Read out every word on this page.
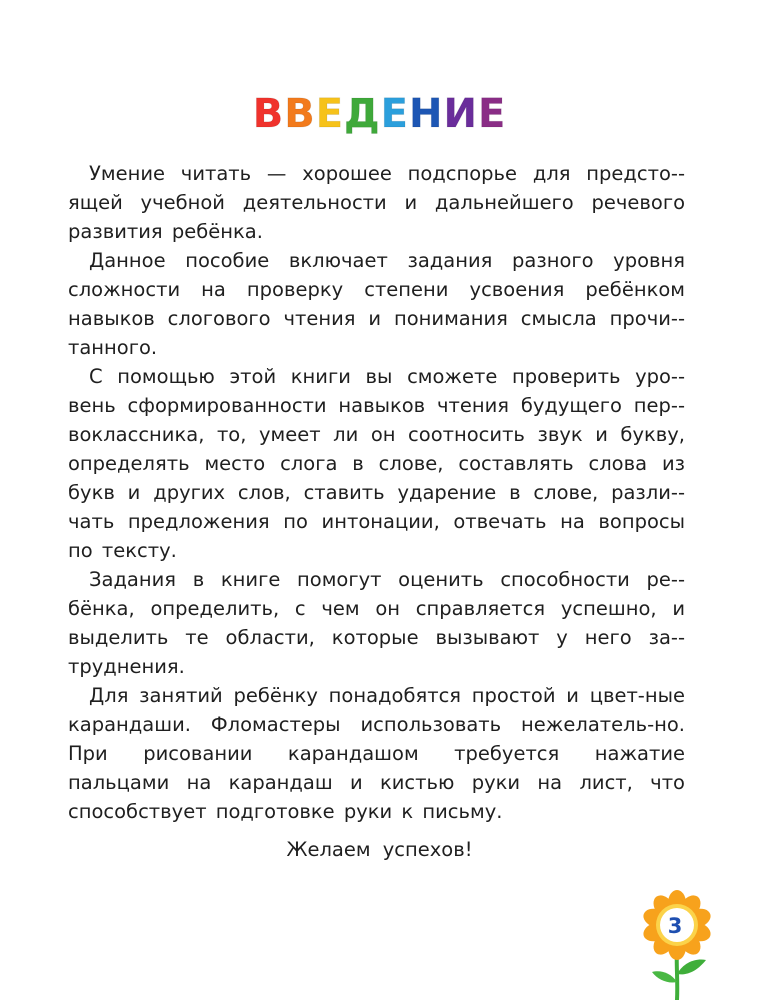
ВВЕДЕНИЕ

Умение читать — хорошее подспорье для предсто-ящей учебной деятельности и дальнейшего речевого развития ребёнка.

Данное пособие включает задания разного уровня сложности на проверку степени усвоения ребёнком навыков слогового чтения и понимания смысла прочи-танного.

С помощью этой книги вы сможете проверить уро-вень сформированности навыков чтения будущего пер-воклассника, то, умеет ли он соотносить звук и букву, определять место слога в слове, составлять слова из букв и других слов, ставить ударение в слове, разли-чать предложения по интонации, отвечать на вопросы по тексту.

Задания в книге помогут оценить способности ре-бёнка, определить, с чем он справляется успешно, и выделить те области, которые вызывают у него за-труднения.

Для занятий ребёнку понадобятся простой и цвет-ные карандаши. Фломастеры использовать нежелатель-но. При рисовании карандашом требуется нажатие пальцами на карандаш и кистью руки на лист, что способствует подготовке руки к письму.

Желаем успехов!
3
